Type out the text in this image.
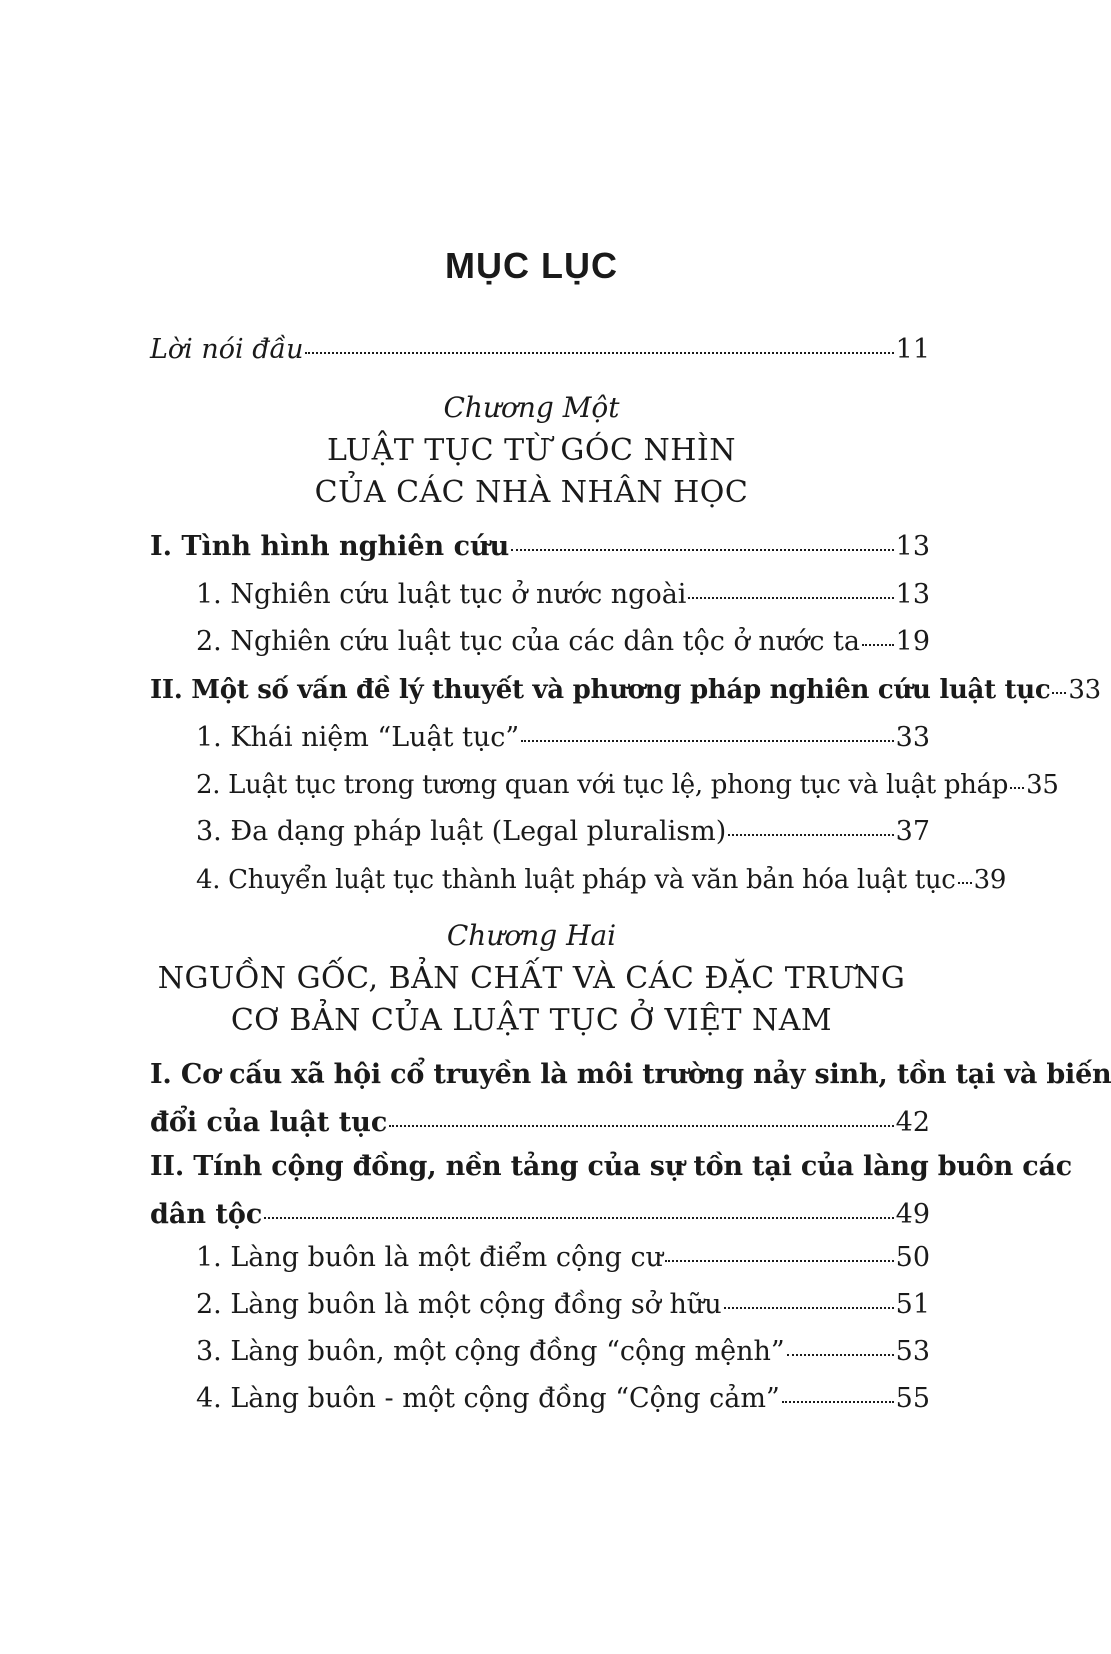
MỤC LỤC
Lời nói đầu	11
Chương Một
LUẬT TỤC TỪ GÓC NHÌN
CỦA CÁC NHÀ NHÂN HỌC
I. Tình hình nghiên cứu	13
1. Nghiên cứu luật tục ở nước ngoài	13
2. Nghiên cứu luật tục của các dân tộc ở nước ta 19
II. Một số vấn đề lý thuyết và phương pháp nghiên cứu luật tục 33
1. Khái niệm “Luật tục”	33
2. Luật tục trong tương quan với tục lệ, phong tục và luật pháp 35
3. Đa dạng pháp luật (Legal pluralism)	37
4. Chuyển luật tục thành luật pháp và văn bản hóa luật tục 39
Chương Hai
NGUỒN GỐC, BẢN CHẤT VÀ CÁC ĐẶC TRƯNG
CƠ BẢN CỦA LUẬT TỤC Ở VIỆT NAM
I. Cơ cấu xã hội cổ truyền là môi trường nảy sinh, tồn tại và biến
đổi của luật tục	42
II. Tính cộng đồng, nền tảng của sự tồn tại của làng buôn các
dân tộc	49
1. Làng buôn là một điểm cộng cư	50
2. Làng buôn là một cộng đồng sở hữu	51
3. Làng buôn, một cộng đồng “cộng mệnh”	53
4. Làng buôn - một cộng đồng “Cộng cảm”	55
